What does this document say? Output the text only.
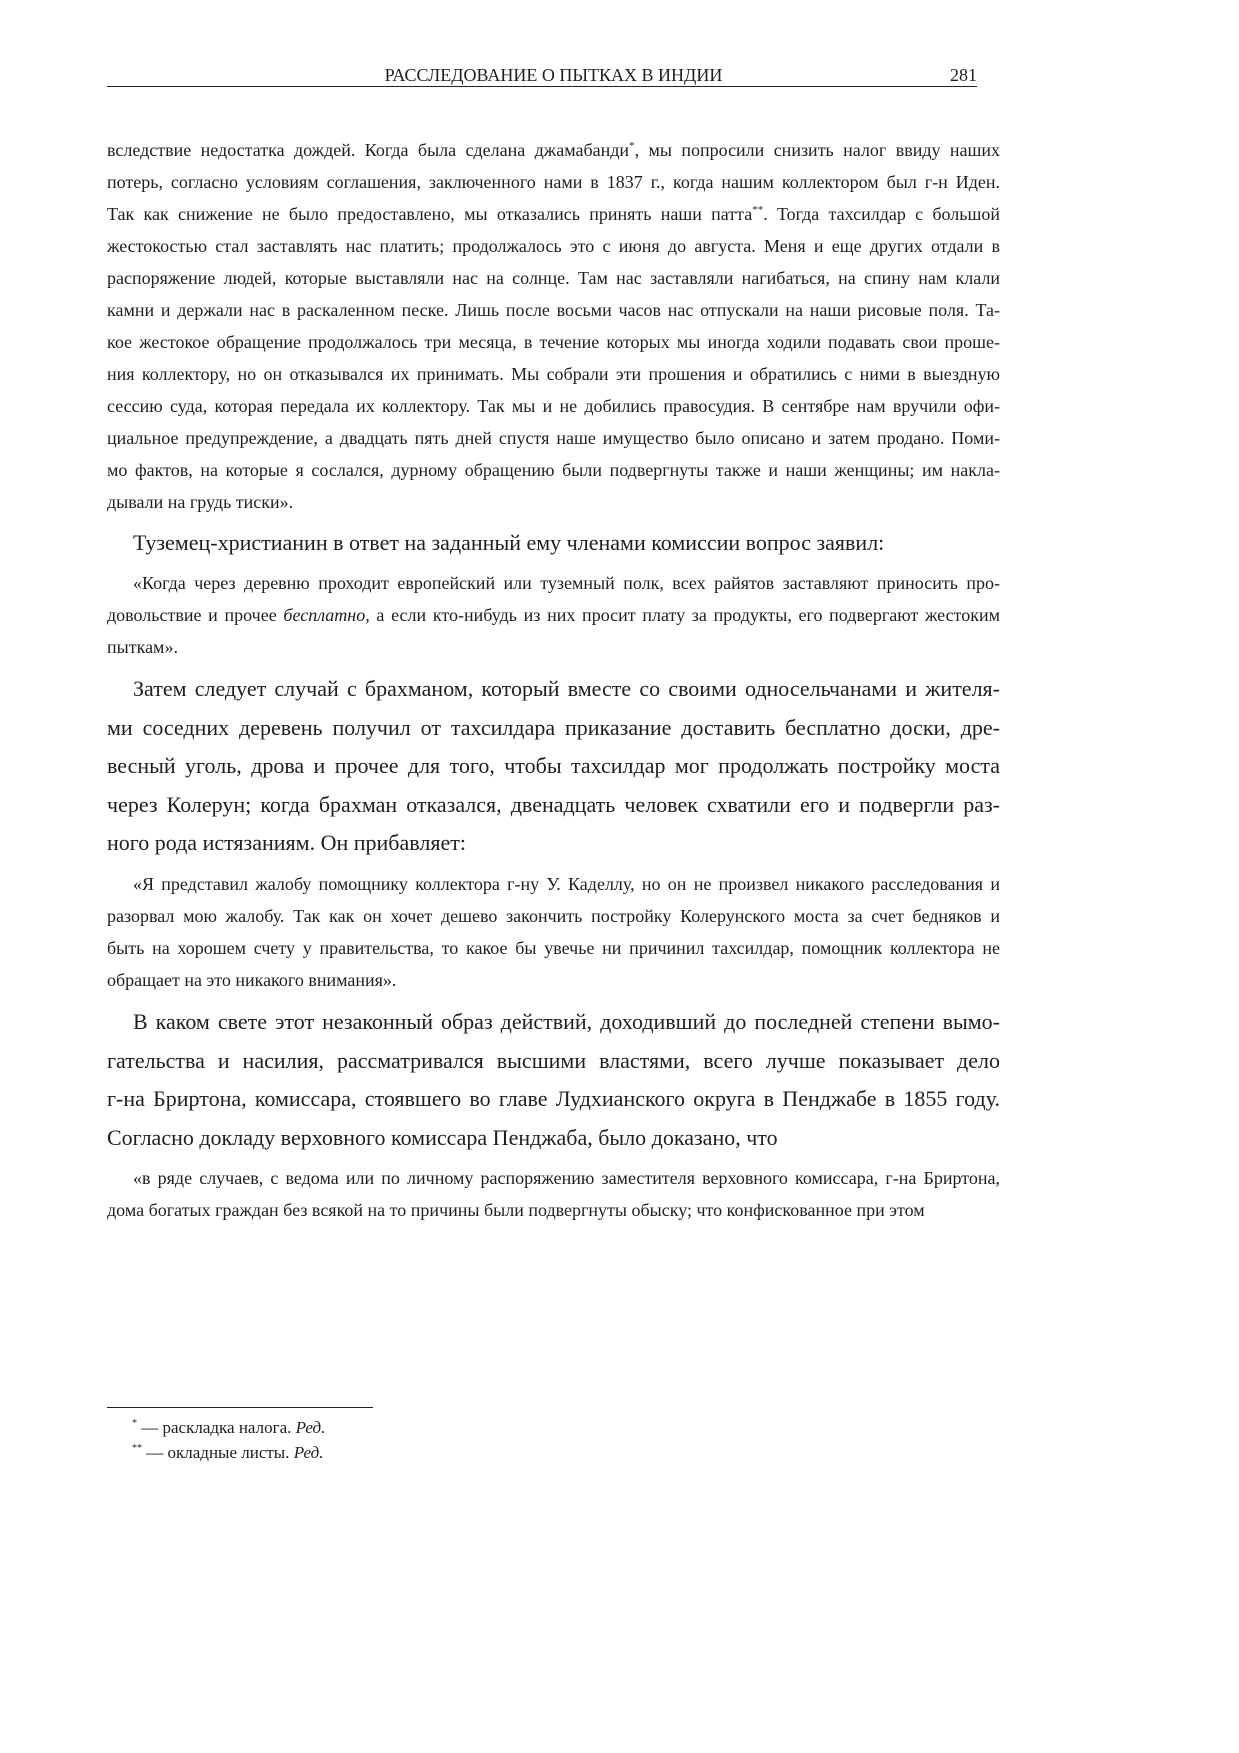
РАССЛЕДОВАНИЕ О ПЫТКАХ В ИНДИИ	281
вследствие недостатка дождей. Когда была сделана джамабанди*, мы попросили снизить налог ввиду наших
потерь, согласно условиям соглашения, заключенного нами в 1837 г., когда нашим коллектором был г-н Иден.
Так как снижение не было предоставлено, мы отказались принять наши патта**. Тогда тахсилдар с большой
жестокостью стал заставлять нас платить; продолжалось это с июня до августа. Меня и еще других отдали в
распоряжение людей, которые выставляли нас на солнце. Там нас заставляли нагибаться, на спину нам клали
камни и держали нас в раскаленном песке. Лишь после восьми часов нас отпускали на наши рисовые поля. Та-
кое жестокое обращение продолжалось три месяца, в течение которых мы иногда ходили подавать свои проше-
ния коллектору, но он отказывался их принимать. Мы собрали эти прошения и обратились с ними в выездную
сессию суда, которая передала их коллектору. Так мы и не добились правосудия. В сентябре нам вручили офи-
циальное предупреждение, а двадцать пять дней спустя наше имущество было описано и затем продано. Поми-
мо фактов, на которые я сослался, дурному обращению были подвергнуты также и наши женщины; им накла-
дывали на грудь тиски».
Туземец-христианин в ответ на заданный ему членами комиссии вопрос заявил:
«Когда через деревню проходит европейский или туземный полк, всех райятов заставляют приносить про-
довольствие и прочее бесплатно, а если кто-нибудь из них просит плату за продукты, его подвергают жестоким
пыткам».
Затем следует случай с брахманом, который вместе со своими односельчанами и жителя-
ми соседних деревень получил от тахсилдара приказание доставить бесплатно доски, дре-
весный уголь, дрова и прочее для того, чтобы тахсилдар мог продолжать постройку моста
через Колерун; когда брахман отказался, двенадцать человек схватили его и подвергли раз-
ного рода истязаниям. Он прибавляет:
«Я представил жалобу помощнику коллектора г-ну У. Каделлу, но он не произвел никакого расследования и
разорвал мою жалобу. Так как он хочет дешево закончить постройку Колерунского моста за счет бедняков и
быть на хорошем счету у правительства, то какое бы увечье ни причинил тахсилдар, помощник коллектора не
обращает на это никакого внимания».
В каком свете этот незаконный образ действий, доходивший до последней степени вымо-
гательства и насилия, рассматривался высшими властями, всего лучше показывает дело
г-на Бриртона, комиссара, стоявшего во главе Лудхианского округа в Пенджабе в 1855 году.
Согласно докладу верховного комиссара Пенджаба, было доказано, что
«в ряде случаев, с ведома или по личному распоряжению заместителя верховного комиссара, г-на Бриртона,
дома богатых граждан без всякой на то причины были подвергнуты обыску; что конфискованное при этом
* — раскладка налога. Ред.
** — окладные листы. Ред.
